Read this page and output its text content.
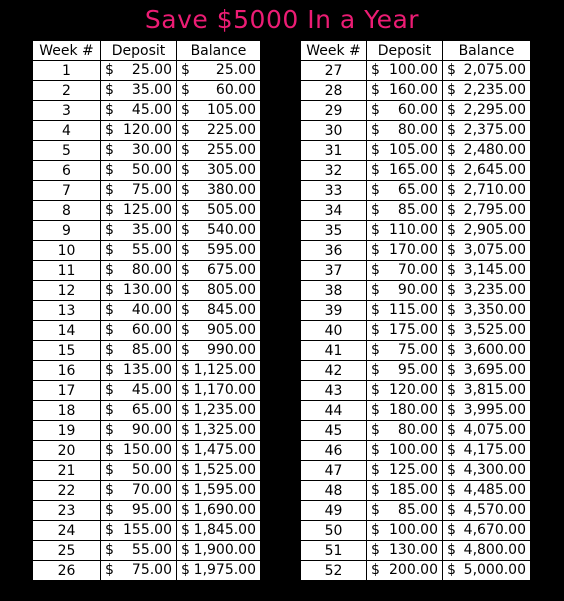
Save $5000 In a Year
Week #	Deposit	Balance
1	$ 25.00	$ 25.00

2	$ 35.00	$ 60.00

3	$ 45.00	$ 105.00

4	$ 120.00	$ 225.00

5	$ 30.00	$ 255.00

6	$ 50.00	$ 305.00

7	$ 75.00	$ 380.00

8	$ 125.00	$ 505.00

9	$ 35.00	$ 540.00

10	$ 55.00	$ 595.00

11	$ 80.00	$ 675.00

12	$ 130.00	$ 805.00

13	$ 40.00	$ 845.00

14	$ 60.00	$ 905.00

15	$ 85.00	$ 990.00

16	$ 135.00	$ 1,125.00

17	$ 45.00	$ 1,170.00

18	$ 65.00	$ 1,235.00

19	$ 90.00	$ 1,325.00

20	$ 150.00	$ 1,475.00

21	$ 50.00	$ 1,525.00

22	$ 70.00	$ 1,595.00

23	$ 95.00	$ 1,690.00

24	$ 155.00	$ 1,845.00

25	$ 55.00	$ 1,900.00

26	$ 75.00	$ 1,975.00
Week #	Deposit	Balance
27	$ 100.00	$ 2,075.00

28	$ 160.00	$ 2,235.00

29	$ 60.00	$ 2,295.00

30	$ 80.00	$ 2,375.00

31	$ 105.00	$ 2,480.00

32	$ 165.00	$ 2,645.00

33	$ 65.00	$ 2,710.00

34	$ 85.00	$ 2,795.00

35	$ 110.00	$ 2,905.00

36	$ 170.00	$ 3,075.00

37	$ 70.00	$ 3,145.00

38	$ 90.00	$ 3,235.00

39	$ 115.00	$ 3,350.00

40	$ 175.00	$ 3,525.00

41	$ 75.00	$ 3,600.00

42	$ 95.00	$ 3,695.00

43	$ 120.00	$ 3,815.00

44	$ 180.00	$ 3,995.00

45	$ 80.00	$ 4,075.00

46	$ 100.00	$ 4,175.00

47	$ 125.00	$ 4,300.00

48	$ 185.00	$ 4,485.00

49	$ 85.00	$ 4,570.00

50	$ 100.00	$ 4,670.00

51	$ 130.00	$ 4,800.00

52	$ 200.00	$ 5,000.00
